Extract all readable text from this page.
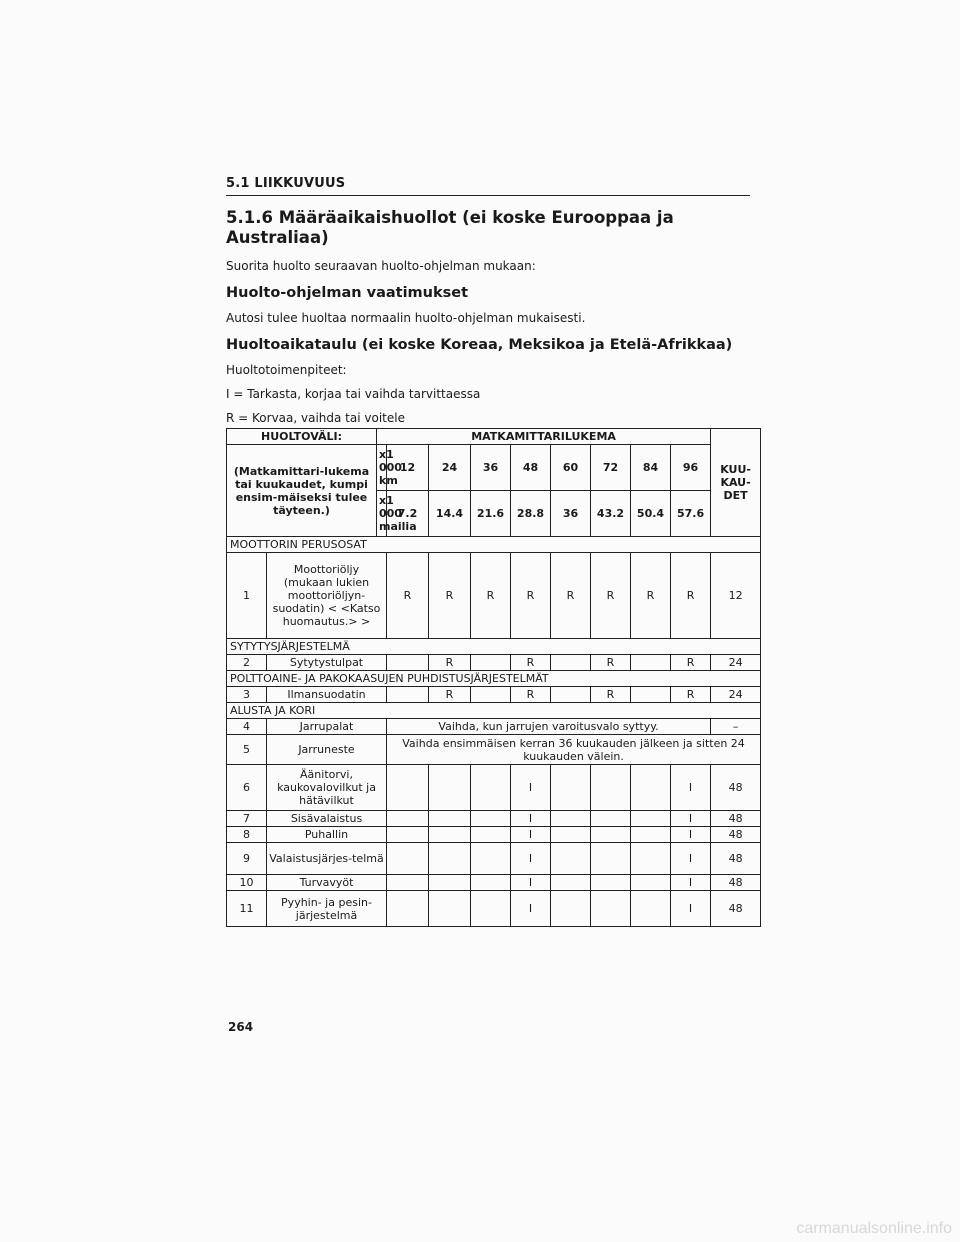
5.1 LIIKKUVUUS
5.1.6 Määräaikaishuollot (ei koske Eurooppaa ja Australiaa)

Suorita huolto seuraavan huolto-ohjelman mukaan:

Huolto-ohjelman vaatimukset

Autosi tulee huoltaa normaalin huolto-ohjelman mukaisesti.

Huoltoaikataulu (ei koske Koreaa, Meksikoa ja Etelä-Afrikkaa)

Huoltotoimenpiteet:

I = Tarkasta, korjaa tai vaihda tarvittaessa

R = Korvaa, vaihda tai voitele

HUOLTOVÄLI:		MATKAMITTARILUKEMA									KUU-KAU-DET
(Matkamittari-lukema tai kuukaudet, kumpi ensim-mäiseksi tulee täyteen.)		x1 000 km	12	24	36	48	60	72	84	96	
		x1 000 mailia	7.2	14.4	21.6	28.8	36	43.2	50.4	57.6	
MOOTTORIN PERUSOSAT											
1	Moottoriöljy (mukaan lukien moottoriöljyn-suodatin) < <Katso huomautus.> >		R	R	R	R	R	R	R	R	12
SYTYTYSJÄRJESTELMÄ											
2	Sytytystulpat			R		R		R		R	24
POLTTOAINE- JA PAKOKAASUJEN PUHDISTUSJÄRJESTELMÄT											
3	Ilmansuodatin			R		R		R		R	24
ALUSTA JA KORI											
4	Jarrupalat		Vaihda, kun jarrujen varoitusvalo syttyy.								–
5	Jarruneste		Vaihda ensimmäisen kerran 36 kuukauden jälkeen ja sitten 24 kuukauden välein.								
6	Äänitorvi, kaukovalovilkut ja hätävilkut					I				I	48
7	Sisävalaistus					I				I	48
8	Puhallin					I				I	48
9	Valaistusjärjes-telmä					I				I	48
10	Turvavyöt					I				I	48
11	Pyyhin- ja pesin-järjestelmä					I				I	48
264
carmanualsonline.info
